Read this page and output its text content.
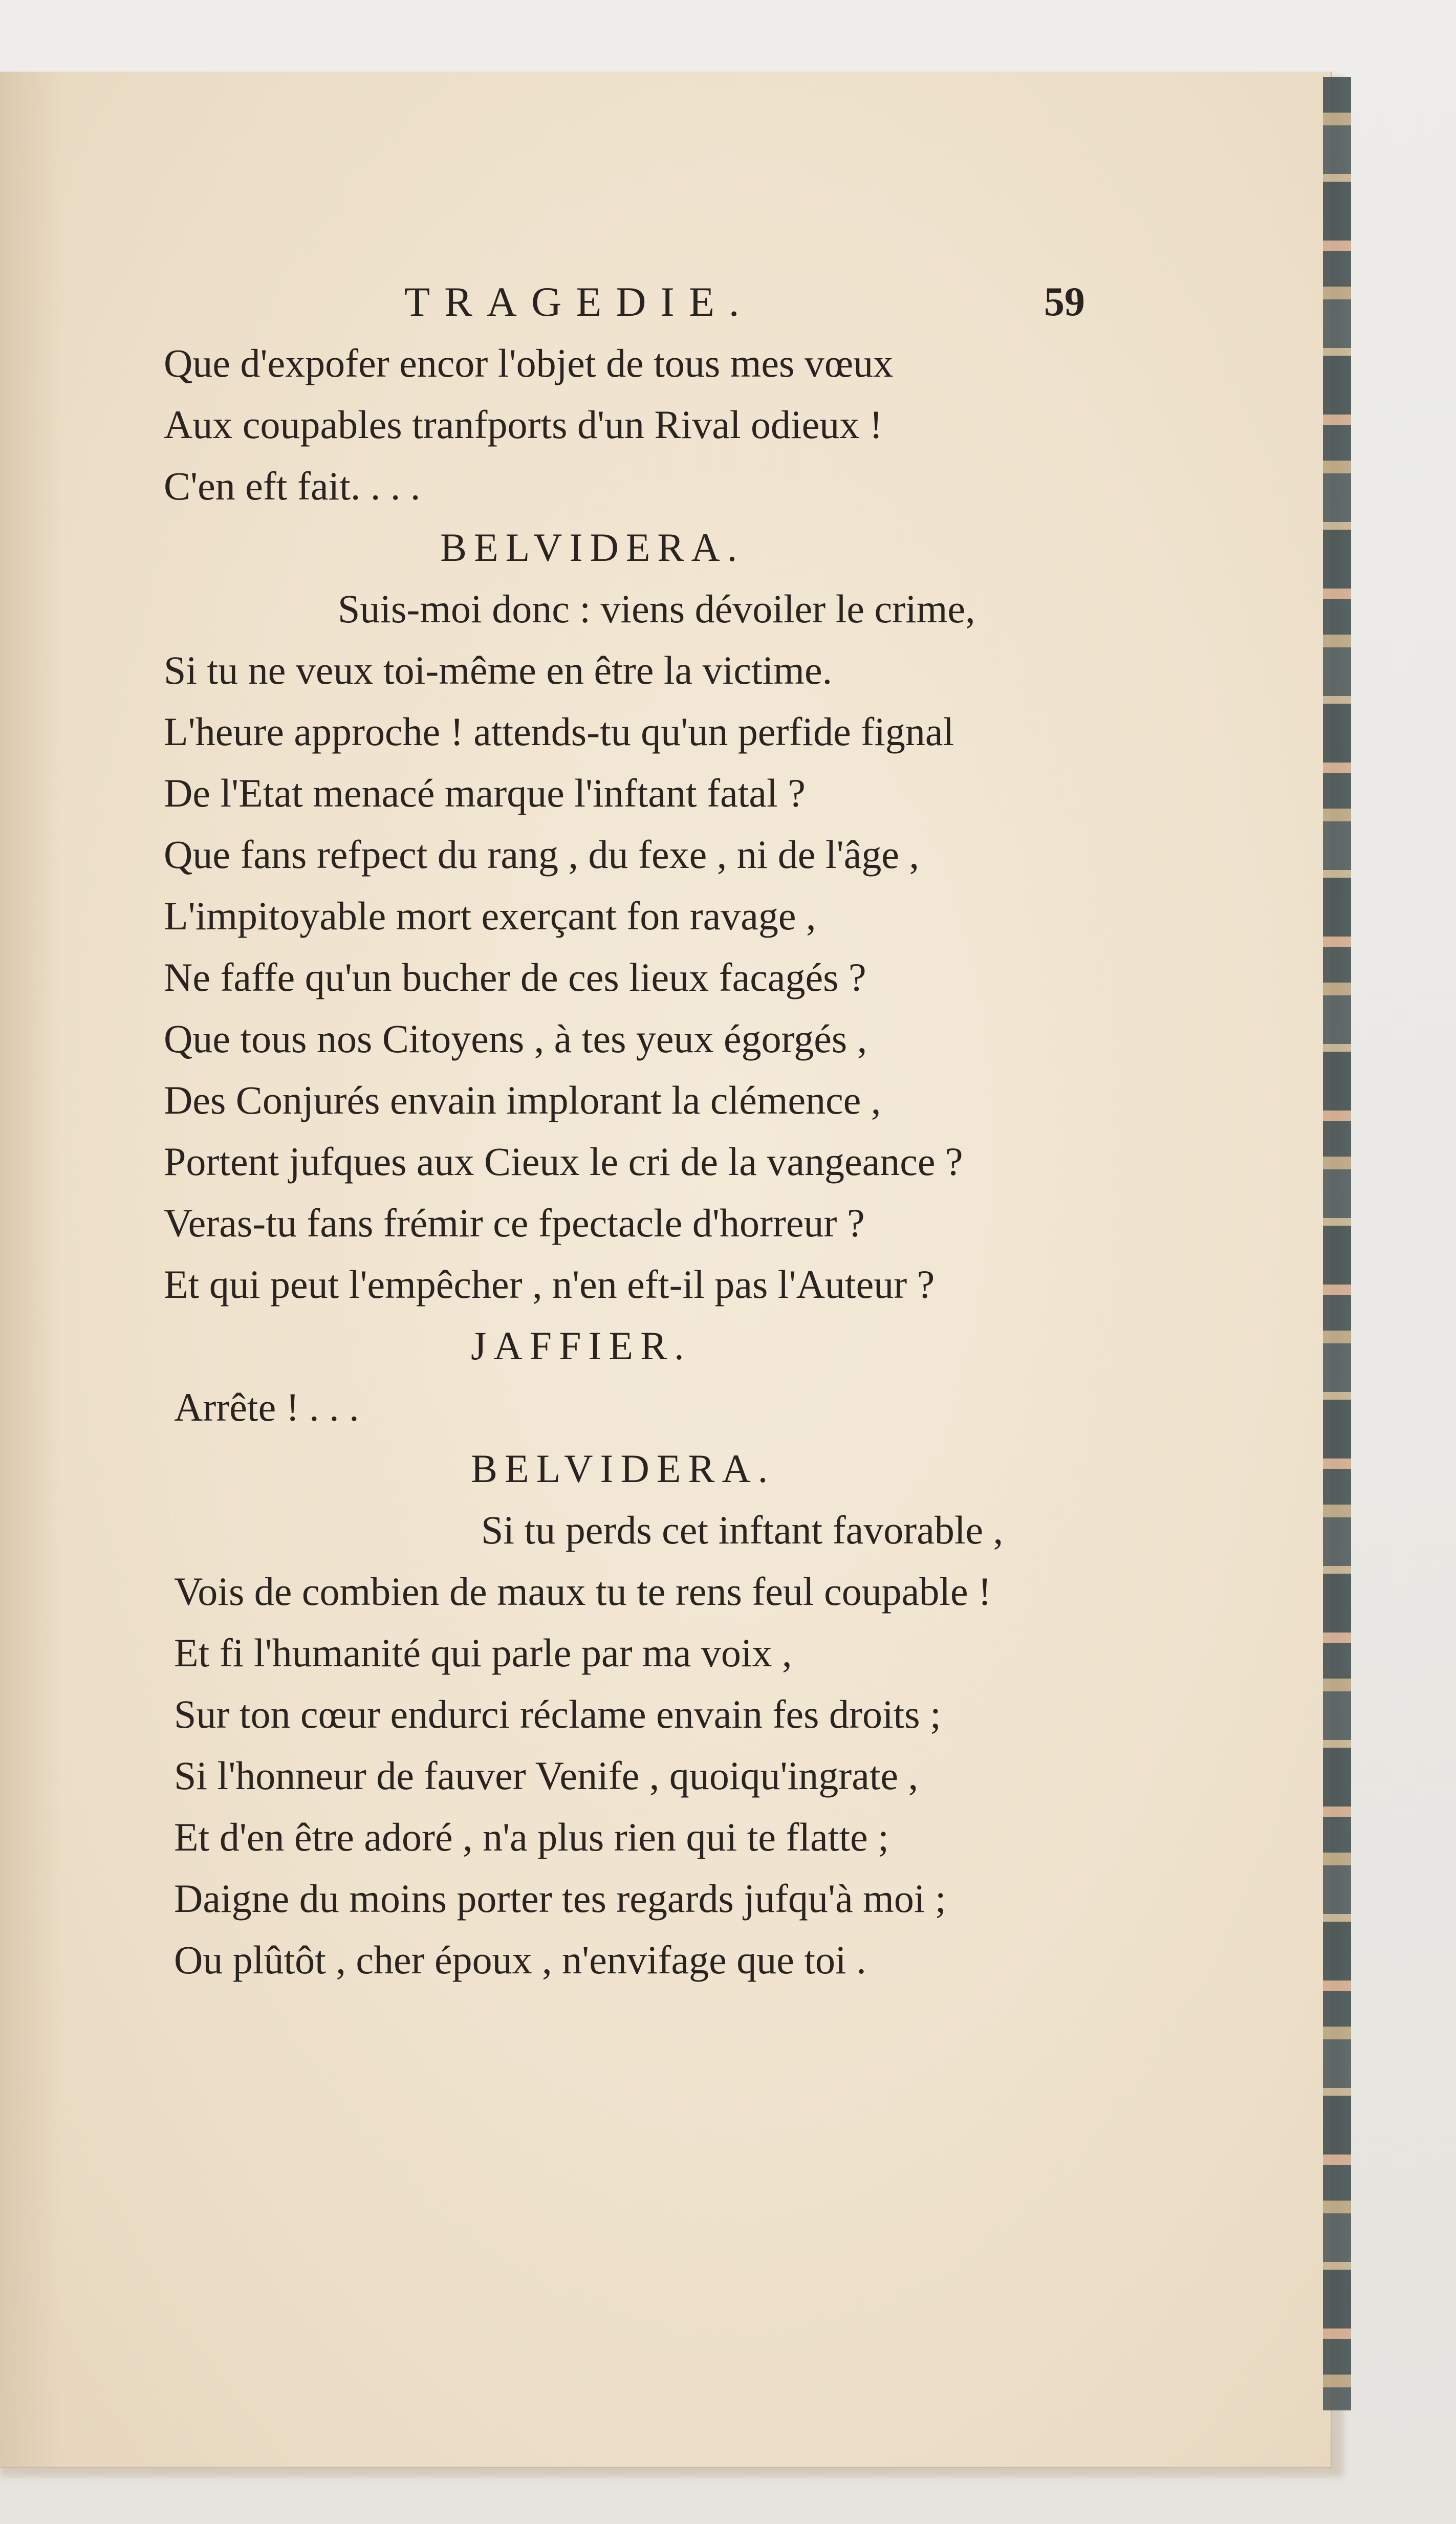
TRAGEDIE.	59
Que d'expofer encor l'objet de tous mes vœux
Aux coupables tranfports d'un Rival odieux !
C'en eft fait. . . .
BELVIDERA.
Suis-moi donc : viens dévoiler le crime,
Si tu ne veux toi-même en être la victime.
L'heure approche ! attends-tu qu'un perfide fignal
De l'Etat menacé marque l'inftant fatal ?
Que fans refpect du rang , du fexe , ni de l'âge ,
L'impitoyable mort exerçant fon ravage ,
Ne faffe qu'un bucher de ces lieux facagés ?
Que tous nos Citoyens , à tes yeux égorgés ,
Des Conjurés envain implorant la clémence ,
Portent jufques aux Cieux le cri de la vangeance ?
Veras-tu fans frémir ce fpectacle d'horreur ?
Et qui peut l'empêcher , n'en eft-il pas l'Auteur ?
JAFFIER.
Arrête ! . . .
BELVIDERA.
Si tu perds cet inftant favorable ,
Vois de combien de maux tu te rens feul coupable !
Et fi l'humanité qui parle par ma voix ,
Sur ton cœur endurci réclame envain fes droits ;
Si l'honneur de fauver Venife , quoiqu'ingrate ,
Et d'en être adoré , n'a plus rien qui te flatte ;
Daigne du moins porter tes regards jufqu'à moi ;
Ou plûtôt , cher époux , n'envifage que toi .
